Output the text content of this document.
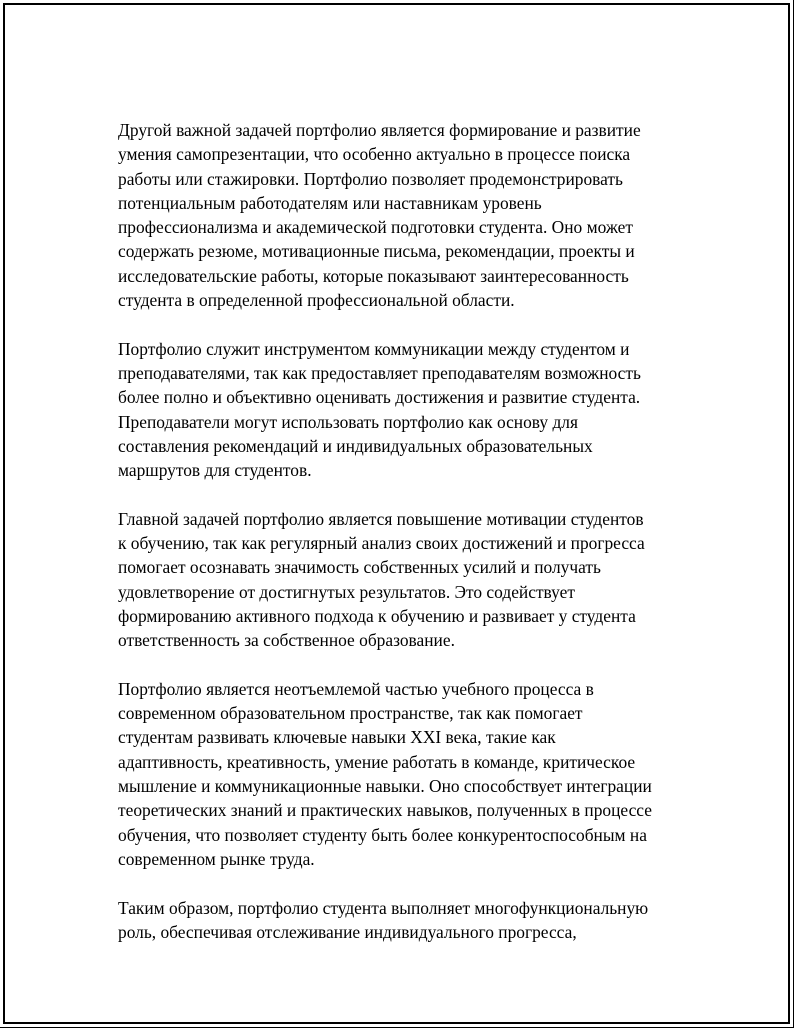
Другой важной задачей портфолио является формирование и развитие
умения самопрезентации, что особенно актуально в процессе поиска
работы или стажировки. Портфолио позволяет продемонстрировать
потенциальным работодателям или наставникам уровень
профессионализма и академической подготовки студента. Оно может
содержать резюме, мотивационные письма, рекомендации, проекты и
исследовательские работы, которые показывают заинтересованность
студента в определенной профессиональной области.

Портфолио служит инструментом коммуникации между студентом и
преподавателями, так как предоставляет преподавателям возможность
более полно и объективно оценивать достижения и развитие студента.
Преподаватели могут использовать портфолио как основу для
составления рекомендаций и индивидуальных образовательных
маршрутов для студентов.

Главной задачей портфолио является повышение мотивации студентов
к обучению, так как регулярный анализ своих достижений и прогресса
помогает осознавать значимость собственных усилий и получать
удовлетворение от достигнутых результатов. Это содействует
формированию активного подхода к обучению и развивает у студента
ответственность за собственное образование.

Портфолио является неотъемлемой частью учебного процесса в
современном образовательном пространстве, так как помогает
студентам развивать ключевые навыки XXI века, такие как
адаптивность, креативность, умение работать в команде, критическое
мышление и коммуникационные навыки. Оно способствует интеграции
теоретических знаний и практических навыков, полученных в процессе
обучения, что позволяет студенту быть более конкурентоспособным на
современном рынке труда.

Таким образом, портфолио студента выполняет многофункциональную
роль, обеспечивая отслеживание индивидуального прогресса,
